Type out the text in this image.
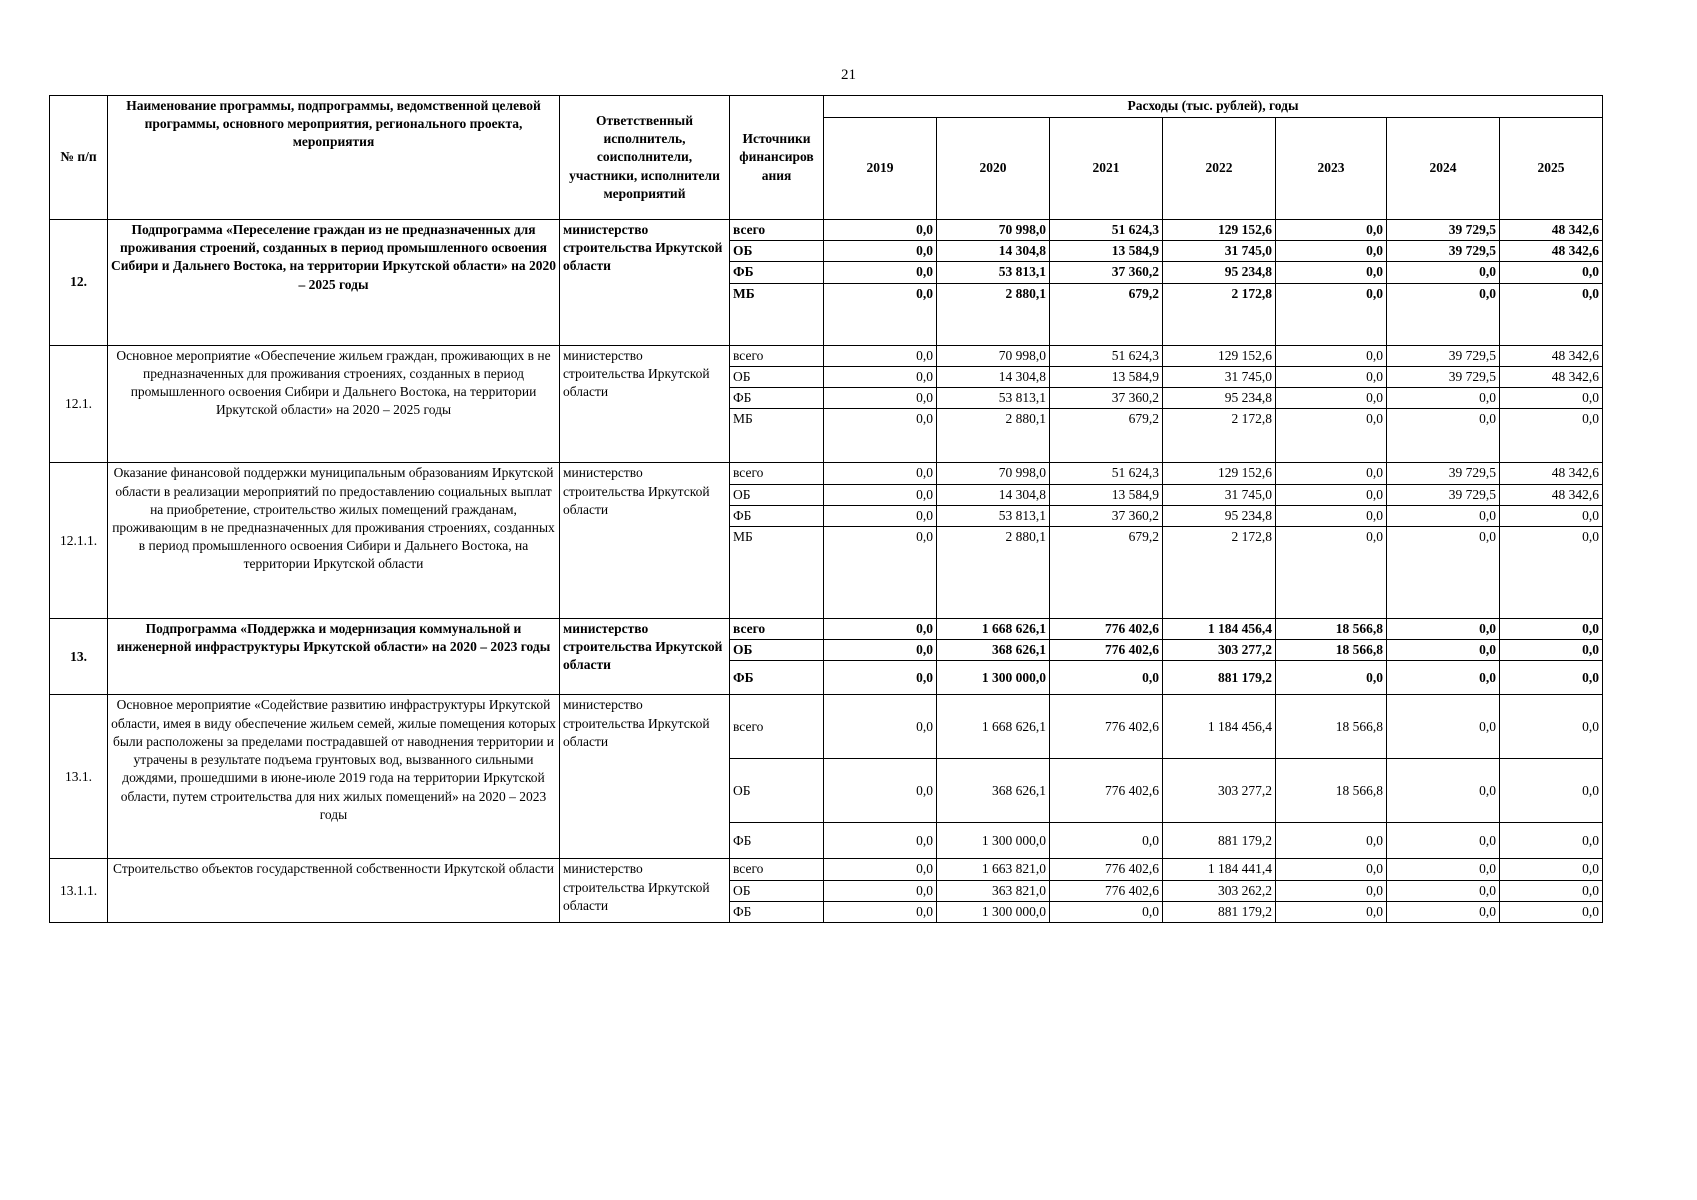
21
№ п/п	Наименование программы, подпрограммы, ведомственной целевой программы, основного мероприятия, регионального проекта, мероприятия	Ответственный исполнитель, соисполнители, участники, исполнители мероприятий	Источники финансиров ания	Расходы (тыс. рублей), годы						
				2019	2020	2021	2022	2023	2024	2025
12.	Подпрограмма «Переселение граждан из не предназначенных для проживания строений, созданных в период промышленного освоения Сибири и Дальнего Востока, на территории Иркутской области» на 2020 – 2025 годы	министерство строительства Иркутской области	всего	0,0	70 998,0	51 624,3	129 152,6	0,0	39 729,5	48 342,6
			ОБ	0,0	14 304,8	13 584,9	31 745,0	0,0	39 729,5	48 342,6
			ФБ	0,0	53 813,1	37 360,2	95 234,8	0,0	0,0	0,0
			МБ	0,0	2 880,1	679,2	2 172,8	0,0	0,0	0,0
12.1.	Основное мероприятие «Обеспечение жильем граждан, проживающих в не предназначенных для проживания строениях, созданных в период промышленного освоения Сибири и Дальнего Востока, на территории Иркутской области» на 2020 – 2025 годы	министерство строительства Иркутской области	всего	0,0	70 998,0	51 624,3	129 152,6	0,0	39 729,5	48 342,6
			ОБ	0,0	14 304,8	13 584,9	31 745,0	0,0	39 729,5	48 342,6
			ФБ	0,0	53 813,1	37 360,2	95 234,8	0,0	0,0	0,0
			МБ	0,0	2 880,1	679,2	2 172,8	0,0	0,0	0,0
12.1.1.	Оказание финансовой поддержки муниципальным образованиям Иркутской области в реализации мероприятий по предоставлению социальных выплат на приобретение, строительство жилых помещений гражданам, проживающим в не предназначенных для проживания строениях, созданных в период промышленного освоения Сибири и Дальнего Востока, на территории Иркутской области	министерство строительства Иркутской области	всего	0,0	70 998,0	51 624,3	129 152,6	0,0	39 729,5	48 342,6
			ОБ	0,0	14 304,8	13 584,9	31 745,0	0,0	39 729,5	48 342,6
			ФБ	0,0	53 813,1	37 360,2	95 234,8	0,0	0,0	0,0
			МБ	0,0	2 880,1	679,2	2 172,8	0,0	0,0	0,0
13.	Подпрограмма «Поддержка и модернизация коммунальной и инженерной инфраструктуры Иркутской области» на 2020 – 2023 годы	министерство строительства Иркутской области	всего	0,0	1 668 626,1	776 402,6	1 184 456,4	18 566,8	0,0	0,0
			ОБ	0,0	368 626,1	776 402,6	303 277,2	18 566,8	0,0	0,0
			ФБ	0,0	1 300 000,0	0,0	881 179,2	0,0	0,0	0,0
13.1.	Основное мероприятие «Содействие развитию инфраструктуры Иркутской области, имея в виду обеспечение жильем семей, жилые помещения которых были расположены за пределами пострадавшей от наводнения территории и утрачены в результате подъема грунтовых вод, вызванного сильными дождями, прошедшими в июне-июле 2019 года на территории Иркутской области, путем строительства для них жилых помещений» на 2020 – 2023 годы	министерство строительства Иркутской области	всего	0,0	1 668 626,1	776 402,6	1 184 456,4	18 566,8	0,0	0,0
			ОБ	0,0	368 626,1	776 402,6	303 277,2	18 566,8	0,0	0,0
			ФБ	0,0	1 300 000,0	0,0	881 179,2	0,0	0,0	0,0
13.1.1.	Строительство объектов государственной собственности Иркутской области	министерство строительства Иркутской области	всего	0,0	1 663 821,0	776 402,6	1 184 441,4	0,0	0,0	0,0
			ОБ	0,0	363 821,0	776 402,6	303 262,2	0,0	0,0	0,0
			ФБ	0,0	1 300 000,0	0,0	881 179,2	0,0	0,0	0,0
